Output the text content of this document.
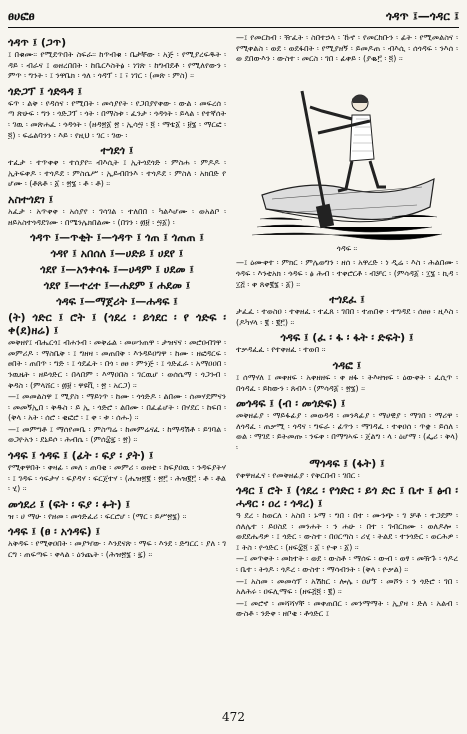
ፀሀፎፀ	ጎዳጥ ፤—ጎዳር ፤
ጎዳጥ ፤ (ጋጥ)
፤ በቁሙ። የሚደጥበት ስፍራ። ከጥብቁ ፡ ቤታቸው ፡ አጅ ፡ የሚያረፍዱት ፡ ዳይ ፡ ብራና ፤ ወዘረበበት ፡ ከቤርእስትፅ ፡ ነገጽ ፡ ከግብደቶ ፡ የሚለየውን ፡ ምጥ ፡ ግንት ፡ ፤ ንዋቤክ ፡ ጎለ ፡ ጎዳፕ ፡ ፤ ፣ ነገር ፡ (መጽ ፡ ምስ) ።
ጎድጋፕ ፤ ጎድጓዳ ፤
ፍጥ ፡ ልቅ ፡ የዳሰና ፡ የሚበት ፡ መሳያየት ፡ የጋበያየቀው ፡ ውል ፡ መፍረሰ ፡ ጣ ጽሁፍ ፡ ግን ፡ ጎድጋፕ ፡ ጎት ፡ በማስቱ ፡ ፈንታ ፡ ጎዳጎት ፡ ይላል ፡ የተኛሰት ፡ ገዉ ፡ መጽሐፈ ፡ ጎዳጎት ፡ (ዘዳ፳፩ ፳ ፡ ኢሳ፵ ፡ ፬ ፡ ማቴ፩ ፡ ፱፮ ፡ ማርፎ ፡ ፬) ፡ ፍሬልባንን ፡ እይ ፡ የዚህ ፡ ገር ፡ ገው ፡
ተጎደጎ ፤
ተፈታ ፡ ተጥቀቀ ፡ ተሰያየ፡፡ ብእሲት ፤ ኢትጎደጎድ ፡ ምስሐ ፡ ምዶዶ ፡ ኢትፍቀዶ ፡ ተጎዶደ ፡ ምስሴሥ ፡ ኢይብበንእ ፡ ተጎዶደ ፡ ምስለ ፡ አክበድ የ ሆሙ ፡ (ቶጸቶ ፡ ፩ ፡ ፳፮ ፡ ቶ ፡ ቶ) ።
አስተጎደገ ፤
አፈታ ፡ አጥቀቀ ፡ አሰያየ ፡ ገሳገል ፡ ተለበበ ፡ ካልእሆሙ ፡ ወአልቦ ፡ ዘይአስተጎዳደገሙ ፡ በሜንሌክበልሙ ፡ (በገን ፡ ፴፱ ፡ ፵፩) ፡
ጎዳጥ ፤—ጥቂት ፤—ጎዳጥ ፤ ጎጠ ፤ ጎጠጠ ፤
ጎዳየ ፤ አበሰለ ፤—ሀድይ ፤ ሀደየ ፤
ጎደየ ፤—አንቀሳፋ ፤—ሀዳም ፤ ሀደመ ፤
ጎደየ ፤—ተረተ ፤—ሐደም ፤ ሐደመ ፤
ጎዳፍ ፤—ማጀሪት ፤—ሐዳፍ ፤
(ት) ጎድር ፤ ሮት ፤ (ጎደረ ፡ ይጎደር ፡ የ ጎድፍ ፡ ቀ(ደ)ዘሬ) ፤
መቅዘየ፤ ብሔርጎ፤ ብሐንብ ፡ መቅሬል ፡ መሠንጠዋ ፡ ታዝናና ፡ መሮዐብገዋ ፡ መምሪዶ ፡ ማስቤቅ ፡ ፤ ግዘዛ ፡ መጠበቅ ፡ እንዳይዐግዋ ፡ ከሙ ፡ ዘፎዳርፍ ፡ ፀበት ፡ ጠበጥ ፡ ግድ ፡ ፤ ጎደፈት ፡ በጎ ፡ ፀፀ ፡ ምንጅ ፡ ፤ ጎድፈራ ፡ አማዐዐበ ፡ ንዉዜት ፡ ዘይጎድር ፡ በላበም ፡ እማዐበስ ፡ ገርዉሆ ፡ ወሰሴማ ፡ ጎጋንብ ፡ ቅዳስ ፡ (ምላሸር ፡ ፴፱ ፡ ዋዩቪ ፡ ፳ ፡ አርጋ) ።
—፤ መመልስዋ ፤ ሚያስ ፡ ማይነጥ ፡ ከሙ ፡ ጎጎድዶ ፡ ልበሙ ፡ ሰመሃደምናን ፡ መመኝኢበ ፡ ቅዱስ ፡ ይ ኢ ፡ ጎድሮ ፡ ልበሙ ፡ በፈፊሆት ፡ በሃደር ፡ ከፍበ ፡ (ቅላ ፡ አት ፡ ሰሮ ፡ ቂፎሮ ፡ ፤ ቀ ፡ ቱ ፡ ሰሑ) ።
—፤ መምግቶ ፤ ማሰየመቤ ፡ ምስጣሬ ፡ ከመምሬናፈ ፡ ከማዳሽቶ ፡ ይገባል ፡ ወጋዮአን ፡ ደኒይሶ ፡ ሕብሴ ፡ (ምሰ፰፯ ፡ ፳) ።
ጎዳፍ ፤ ጎዳፍ ፤ (ፊት ፡ ፍያ ፡ ያት) ፤
የሚቀዋበት ፡ ቀዛፊ ፡ መለ ፡ ጠባቂ ፡ መምሪ ፡ ወዘቲ ፡ ከፍያዐዉ ፡ ንዳፍያትሃ ፡ ፤ ገዳፍ ፡ ጎፍታሃ ፡ ፍያዳሃ ፡ ፍርጀተሃ ፡ (ሔዝ፳፪ ፡ ፳፫ ፡ ሕዝ፪፫ ፡ ቶ ፡ ቶል ፡ ሂ) ።
መጎደሪ ፤ (ፍት ፡ ፍያ ፡ ፉት) ፤
ዝ ፡ ሀ ማሁ ፡ የዘመ ፡ መጎድፈሪ ፡ ፍርሮሆ ፡ (ማር ፡ ይሥ፳፮) ።
ጎዳፍ ፤ (ፀ ፡ አጎዳፍ) ፤
አቅዳፍ ፡ የሚቀዐበት ፡ መያዣው ፡ እንደናጽ ፡ ማፍ ፡ እንደ ፡ ድግርር ፡ ያለ ፡ ገ ርግ ፡ ጠፍጣፍ ፡ ቀላል ፡ ዕንጨት ፡ (ሕዝ፳፮ ፡ ፯) ።
—፤ የመርከብ ፡ ዥፈት ፡ ስበተኃላ ፡ ኹኖ ፡ የመርከቡን ፡ ፊት ፡ የሚመልስና ፡ የሚቀልስ ፡ ወደ ፡ ወደፋበት ፡ የሚያዘኝ ፡ ይመዶጠ ፡ ብእሲ ፡ ሰጎዳፍ ፡ ንእሰ ፡ ወ ደበውእን ፡ ውስተ ፡ መርስ ፡ ገበ ፡ ፊቀይ ፡ (ያቈ፫ ፡ ፬) ።
ጎዳፍ ።
—፤ ዕሙቀተ ፡ ምክር ፡ ምሌወግን ፡ ዘሰ ፡ አዋረድ ፡ ነ ዲሬ ፡ እስ ፡ ሕልበሙ ፡ ጎዳፍ ፡ እንቲአክ ፡ ጎዳፍ ፡ ፅ ሕብ ፡ ተቀሮርቶ ፡ ብቻር ፡ (ምሳዳ፩ ፡ ፲፮ ፡ ኪዳ ፡ ፲፭ ፡ ቀ ጸቀ፪፮ ፡ ፩) ።
ተጎደፈ ፤
ታፈፈ ፡ ተወስዐ ፡ ተቀዘፈ ፡ ተፈጸ ፡ ገበበ ፡ ተጠበቀ ፡ ተግዳደ ፡ ሰፀፀ ፡ ዚእስ ፡ (ዶካሃላ ፡ ፪ ፡ ፪፫) ።
ጎዳፍ ፤ (ፈ ፡ ፋ ፡ ፋት ፡ ድፍት) ፤
ተቃዳፈፈ ፡ የተቀዘፈ ፡ ተወበ ።
ጎዳፎ ፤
፤ ሰማሃለ ፤ መቀዘፍ ፡ አቀዘዘፍ ፡ ቀ ዘፋ ፡ ትእዛዝፍ ፡ ዕውቀት ፡ ፈሲጥ ፡ በጎዳፈ ፡ ይከውን ፡ ጸብእ ፡ (ምሳዳ፩ ፡ ፳፮) ።
መጎዳፍ ፤ (ብ ፡ መጎድፍ) ፤
መቅዘፊያ ፡ ማይፋፊያ ፡ መወዳዳ ፡ መንጳፊያ ፡ ማሀዊያ ፡ ማገበ ፡ ማሪዋ ፡ ለጎዳፈ ፡ ጠቃሚ ፡ ጎዳና ፡ ግፍራ ፡ ፊጥን ፡ ማገዳፈ ፡ ተቀዐሰ ፡ ጥቋ ፡ ይሰለ ፡ ወል ፡ ማገደ ፡ ይትመጡ ፡ ንፍቀ ፡ በማግኣፍ ፡ ጀልግ ፡ ላ ፡ ዕሆማ ፡ (ፌሪ ፡ ቅላ) ፡
ማጎዳፍ ፤ (ፋት) ፤
የቀዋዘፈና ፡ የመቅዘፊያ ፡ የቅርበብ ፡ ገበር ፡
ጎዳር ፤ ሮት ፤ (ጎደረ ፡ የጎድር ፡ ይጎ ድር ፤ ቤተ ፤ ፅብ ፡ ሓዳር ፡ ዐረ ፡ ጎዳረ) ፤
ዓ ደረ ፡ ከወርለ ፡ አስበ ፡ ኑማ ፡ ግበ ፡ በተ ፡ ሙንጭ ፡ ገ ቻቶ ፡ ተጋደም ፡ ሰለሌተ ፡ ይዐስደ ፡ መንሐት ፡ ን ሐሁ ፡ በተ ፡ ገብርክሙ ፡ ወለዶሎ ፡ ወደደሔዳዎ ፡ ፤ ጎድር ፡ ውስተ ፡ በዐርጣስ ፡ ሪሂ ፡ ትልደ ፡ ተንጎድር ፡ ወርሕዎ ፡ ፤ ትስ ፡ ዮጎድር ፡ (ዘፍ፰፬ ፡ ፩ ፡ ዮቀ ፡ ፩) ።
—፤ መጥቀት ፡ መከተት ፡ ወደ ፡ ውስቶ ፡ ማሰፍ ፡ ውብ ፡ ወፃ ፡ መዥጉ ፡ ጎዶረ ፡ ቤተ ፡ ትጎዶ ፡ ጎዶረ ፡ ውስተ ፡ ማሳብንት ፡ (ቅላ ፡ ዮቃል) ።
—፤ አስመ ፡ መመሳፕ ፡ አሽከር ፡ ሎሌ ፡ ዐሆኘ ፡ መሾን ፡ ን ጎድሮ ፡ ገበ ፡ አለሕሩ ፡ ዐፍሊማፍ ፡ (ዘፍ፭፬ ፡ ፪) ።
—፤ መሮኖ ፡ መሻሻሃቸ ፡ መቀጠበር ፡ መንማማት ፡ ኢያዛ ፡ ድለ ፡ አልብ ፡ ውስቶ ፡ ንድቀ ፡ ዘቦቂ ፡ ቶጎድር ፤
472
